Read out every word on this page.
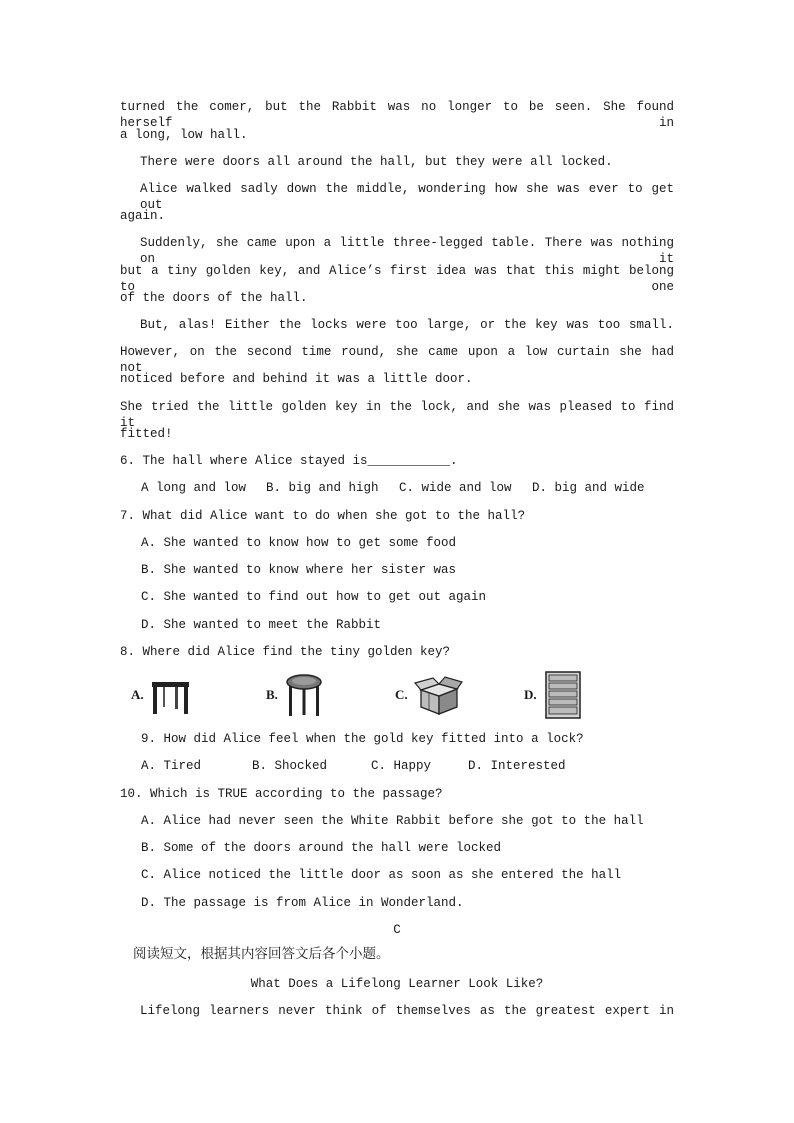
turned the comer, but the Rabbit was no longer to be seen. She found herself in
a long, low hall.
There were doors all around the hall, but they were all locked.
Alice walked sadly down the middle, wondering how she was ever to get out
again.
Suddenly, she came upon a little three-legged table. There was nothing on it
but a tiny golden key, and Alice’s first idea was that this might belong to one
of the doors of the hall.
But, alas! Either the locks were too large, or the key was too small.
However, on the second time round, she came upon a low curtain she had not
noticed before and behind it was a little door.
She tried the little golden key in the lock, and she was pleased to find it
fitted!
6. The hall where Alice stayed is___________.
A long and low B. big and high C. wide and low D. big and wide
7. What did Alice want to do when she got to the hall?
A. She wanted to know how to get some food
B. She wanted to know where her sister was
C. She wanted to find out how to get out again
D. She wanted to meet the Rabbit
8. Where did Alice find the tiny golden key?
A.	B.	C.	D.
9. How did Alice feel when the gold key fitted into a lock?
A. Tired	B. Shocked	C. Happy	D. Interested
10. Which is TRUE according to the passage?
A. Alice had never seen the White Rabbit before she got to the hall
B. Some of the doors around the hall were locked
C. Alice noticed the little door as soon as she entered the hall
D. The passage is from Alice in Wonderland.
C
阅读短文，根据其内容回答文后各个小题。
What Does a Lifelong Learner Look Like?
Lifelong learners never think of themselves as the greatest expert in
